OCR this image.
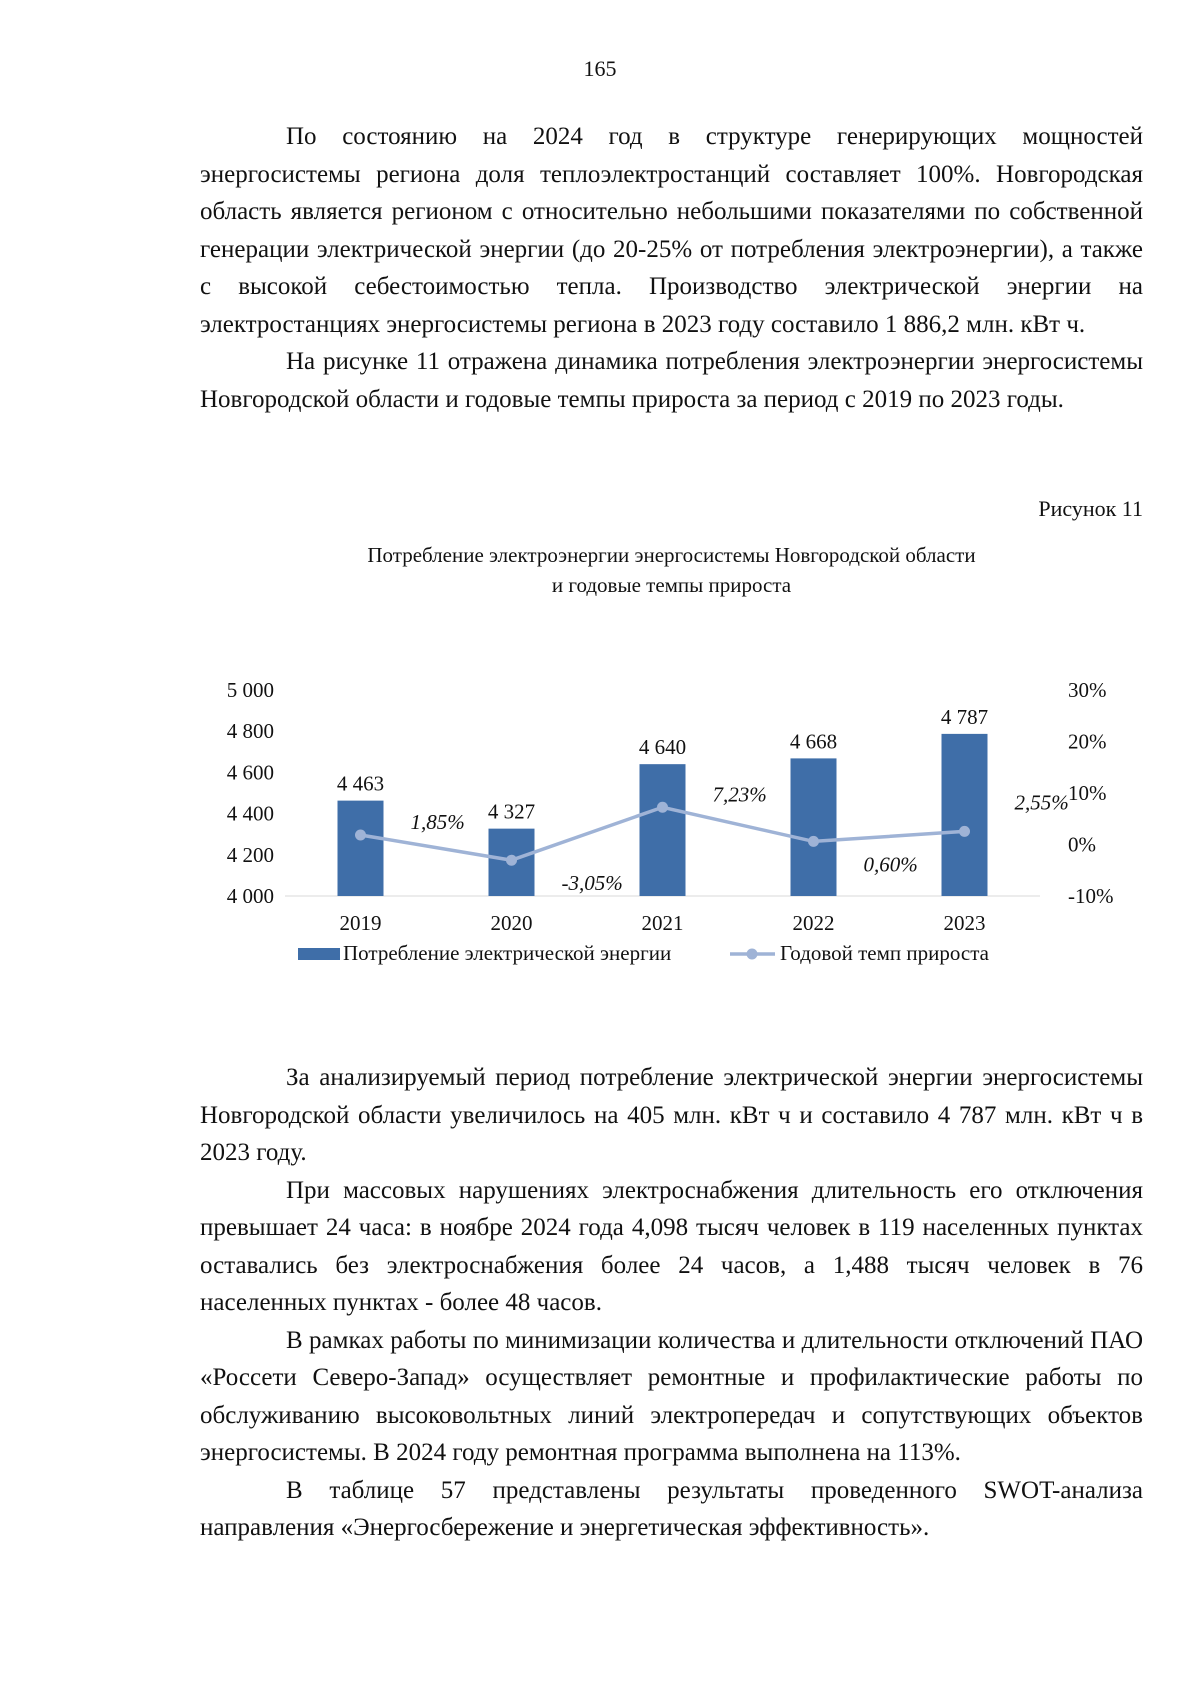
165

По состоянию на 2024 год в структуре генерирующих мощностей энергосистемы региона доля теплоэлектростанций составляет 100%. Новгородская область является регионом с относительно небольшими показателями по собственной генерации электрической энергии (до 20-25% от потребления электроэнергии), а также с высокой себестоимостью тепла. Производство электрической энергии на электростанциях энергосистемы региона в 2023 году составило 1 886,2 млн. кВт ч.

На рисунке 11 отражена динамика потребления электроэнергии энергосистемы Новгородской области и годовые темпы прироста за период с 2019 по 2023 годы.

Рисунок 11
Потребление электроэнергии энергосистемы Новгородской области
и годовые темпы прироста
4 000
4 200
4 400
4 600
4 800
5 000
-10%
0%
10%
20%
30%
4 463
4 327
4 640	4 668
4 787
1,85%
-3,05%
7,23%
0,60%
2,55%
2019	2020	2021	2022	2023
Потребление электрической энергии	Годовой темп прироста

За анализируемый период потребление электрической энергии энергосистемы Новгородской области увеличилось на 405 млн. кВт ч и составило 4 787 млн. кВт ч в 2023 году.

При массовых нарушениях электроснабжения длительность его отключения превышает 24 часа: в ноябре 2024 года 4,098 тысяч человек в 119 населенных пунктах оставались без электроснабжения более 24 часов, а 1,488 тысяч человек в 76 населенных пунктах - более 48 часов.

В рамках работы по минимизации количества и длительности отключений ПАО «Россети Северо-Запад» осуществляет ремонтные и профилактические работы по обслуживанию высоковольтных линий электропередач и сопутствующих объектов энергосистемы. В 2024 году ремонтная программа выполнена на 113%.

В таблице 57 представлены результаты проведенного SWOT-анализа направления «Энергосбережение и энергетическая эффективность».
